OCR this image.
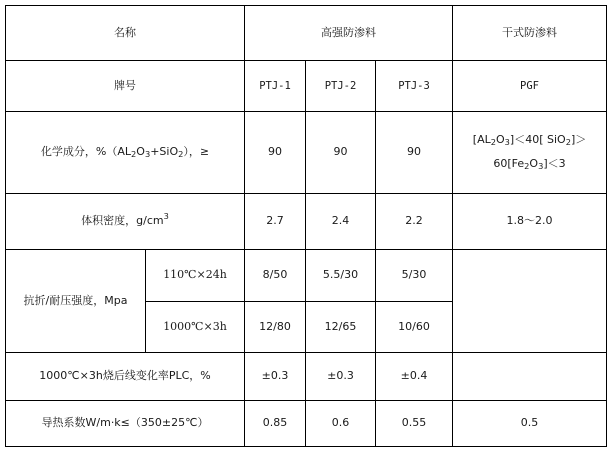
名称		高强防渗料			干式防渗料
牌号		PTJ-1	PTJ-2	PTJ-3	PGF
化学成分，$\%(AL_2O_3+SiO_2)$，≥		90	90	90	$[AL_2O_3]<40$[ SiO$_2$]＞
$60[Fe_2O_3]<3$

体积密度，$g/cm^3$		2.7	2.4	2.2	1.8～2.0
抗折/耐压强度，Mpa	110℃×24h	8/50	5.5/30	5/30	
	1000℃×3h	12/80	12/65	10/60	
1000℃×3h烧后线变化率PLC，%		±0.3	±0.3	±0.4	
导热系数W/m·k≤（350±25℃）		0.85	0.6	0.55	0.5
